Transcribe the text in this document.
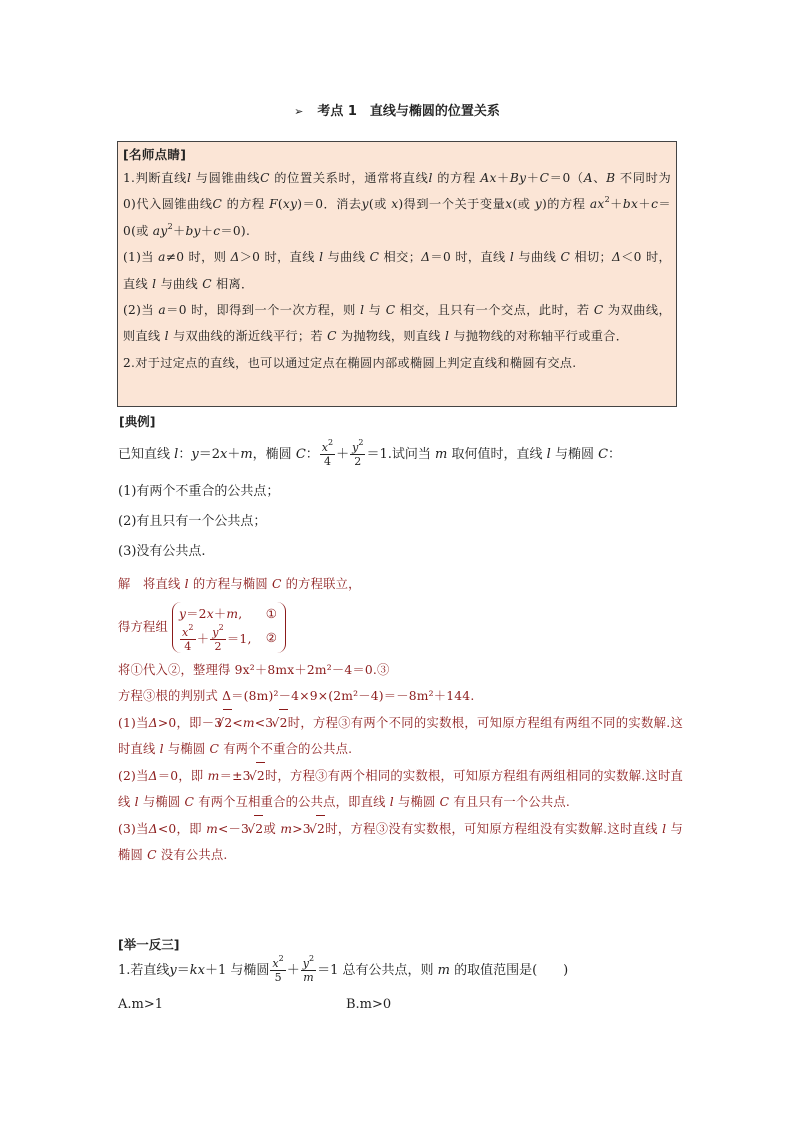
➢ 考点 1　直线与椭圆的位置关系
[名师点睛]

1.判断直线l 与圆锥曲线C 的位置关系时，通常将直线l 的方程 Ax＋By＋C＝0（A、B 不同时为 0)代入圆锥曲线C 的方程 F(xy)＝0．消去y(或 x)得到一个关于变量x(或 y)的方程 $ax^2+bx+c=0$(或 $ay^2+by+c=0$).

(1)当 a≠0 时，则 Δ＞0 时，直线 l 与曲线 C 相交；Δ＝0 时，直线 l 与曲线 C 相切；Δ＜0 时，直线 l 与曲线 C 相离．

(2)当 a＝0 时，即得到一个一次方程，则 l 与 C 相交，且只有一个交点，此时，若 C 为双曲线，则直线 l 与双曲线的渐近线平行；若 C 为抛物线，则直线 l 与抛物线的对称轴平行或重合．

2.对于过定点的直线，也可以通过定点在椭圆内部或椭圆上判定直线和椭圆有交点.

[典例]

已知直线 l：y＝2x＋m，椭圆 C： $\frac{x^2}{4} + \frac{y^2}{2} =1$.试问当 m 取何值时，直线 l 与椭圆 C：

(1)有两个不重合的公共点；

(2)有且只有一个公共点；

(3)没有公共点.

解　将直线 l 的方程与椭圆 C 的方程联立，

得方程组
y＝2x＋m, ①
$\frac{x^2}{4} + \frac{y^2}{2} =1$, ②

将①代入②，整理得 9x²＋8mx＋2m²－4＝0.③

方程③根的判别式 Δ＝(8m)²－4×9×(2m²－4)＝－8m²＋144.

(1)当Δ>0，即－3√ 2<m<3 √ 2时，方程③有两个不同的实数根，可知原方程组有两组不同的实数解.这时直线 l 与椭圆 C 有两个不重合的公共点.

(2)当Δ＝0，即 m＝±3 √ 2时，方程③有两个相同的实数根，可知原方程组有两组相同的实数解.这时直线 l 与椭圆 C 有两个互相重合的公共点，即直线 l 与椭圆 C 有且只有一个公共点.

(3)当Δ<0，即 m<－3 √ 2或 m>3 √ 2时，方程③没有实数根，可知原方程组没有实数解.这时直线 l 与椭圆 C 没有公共点.

[举一反三]
1.若直线y＝kx＋1 与椭圆 $\frac{x^2}{5} + \frac{y^2}{m} =1$ 总有公共点，则 m 的取值范围是(　　)
A.m>1	B.m>0
